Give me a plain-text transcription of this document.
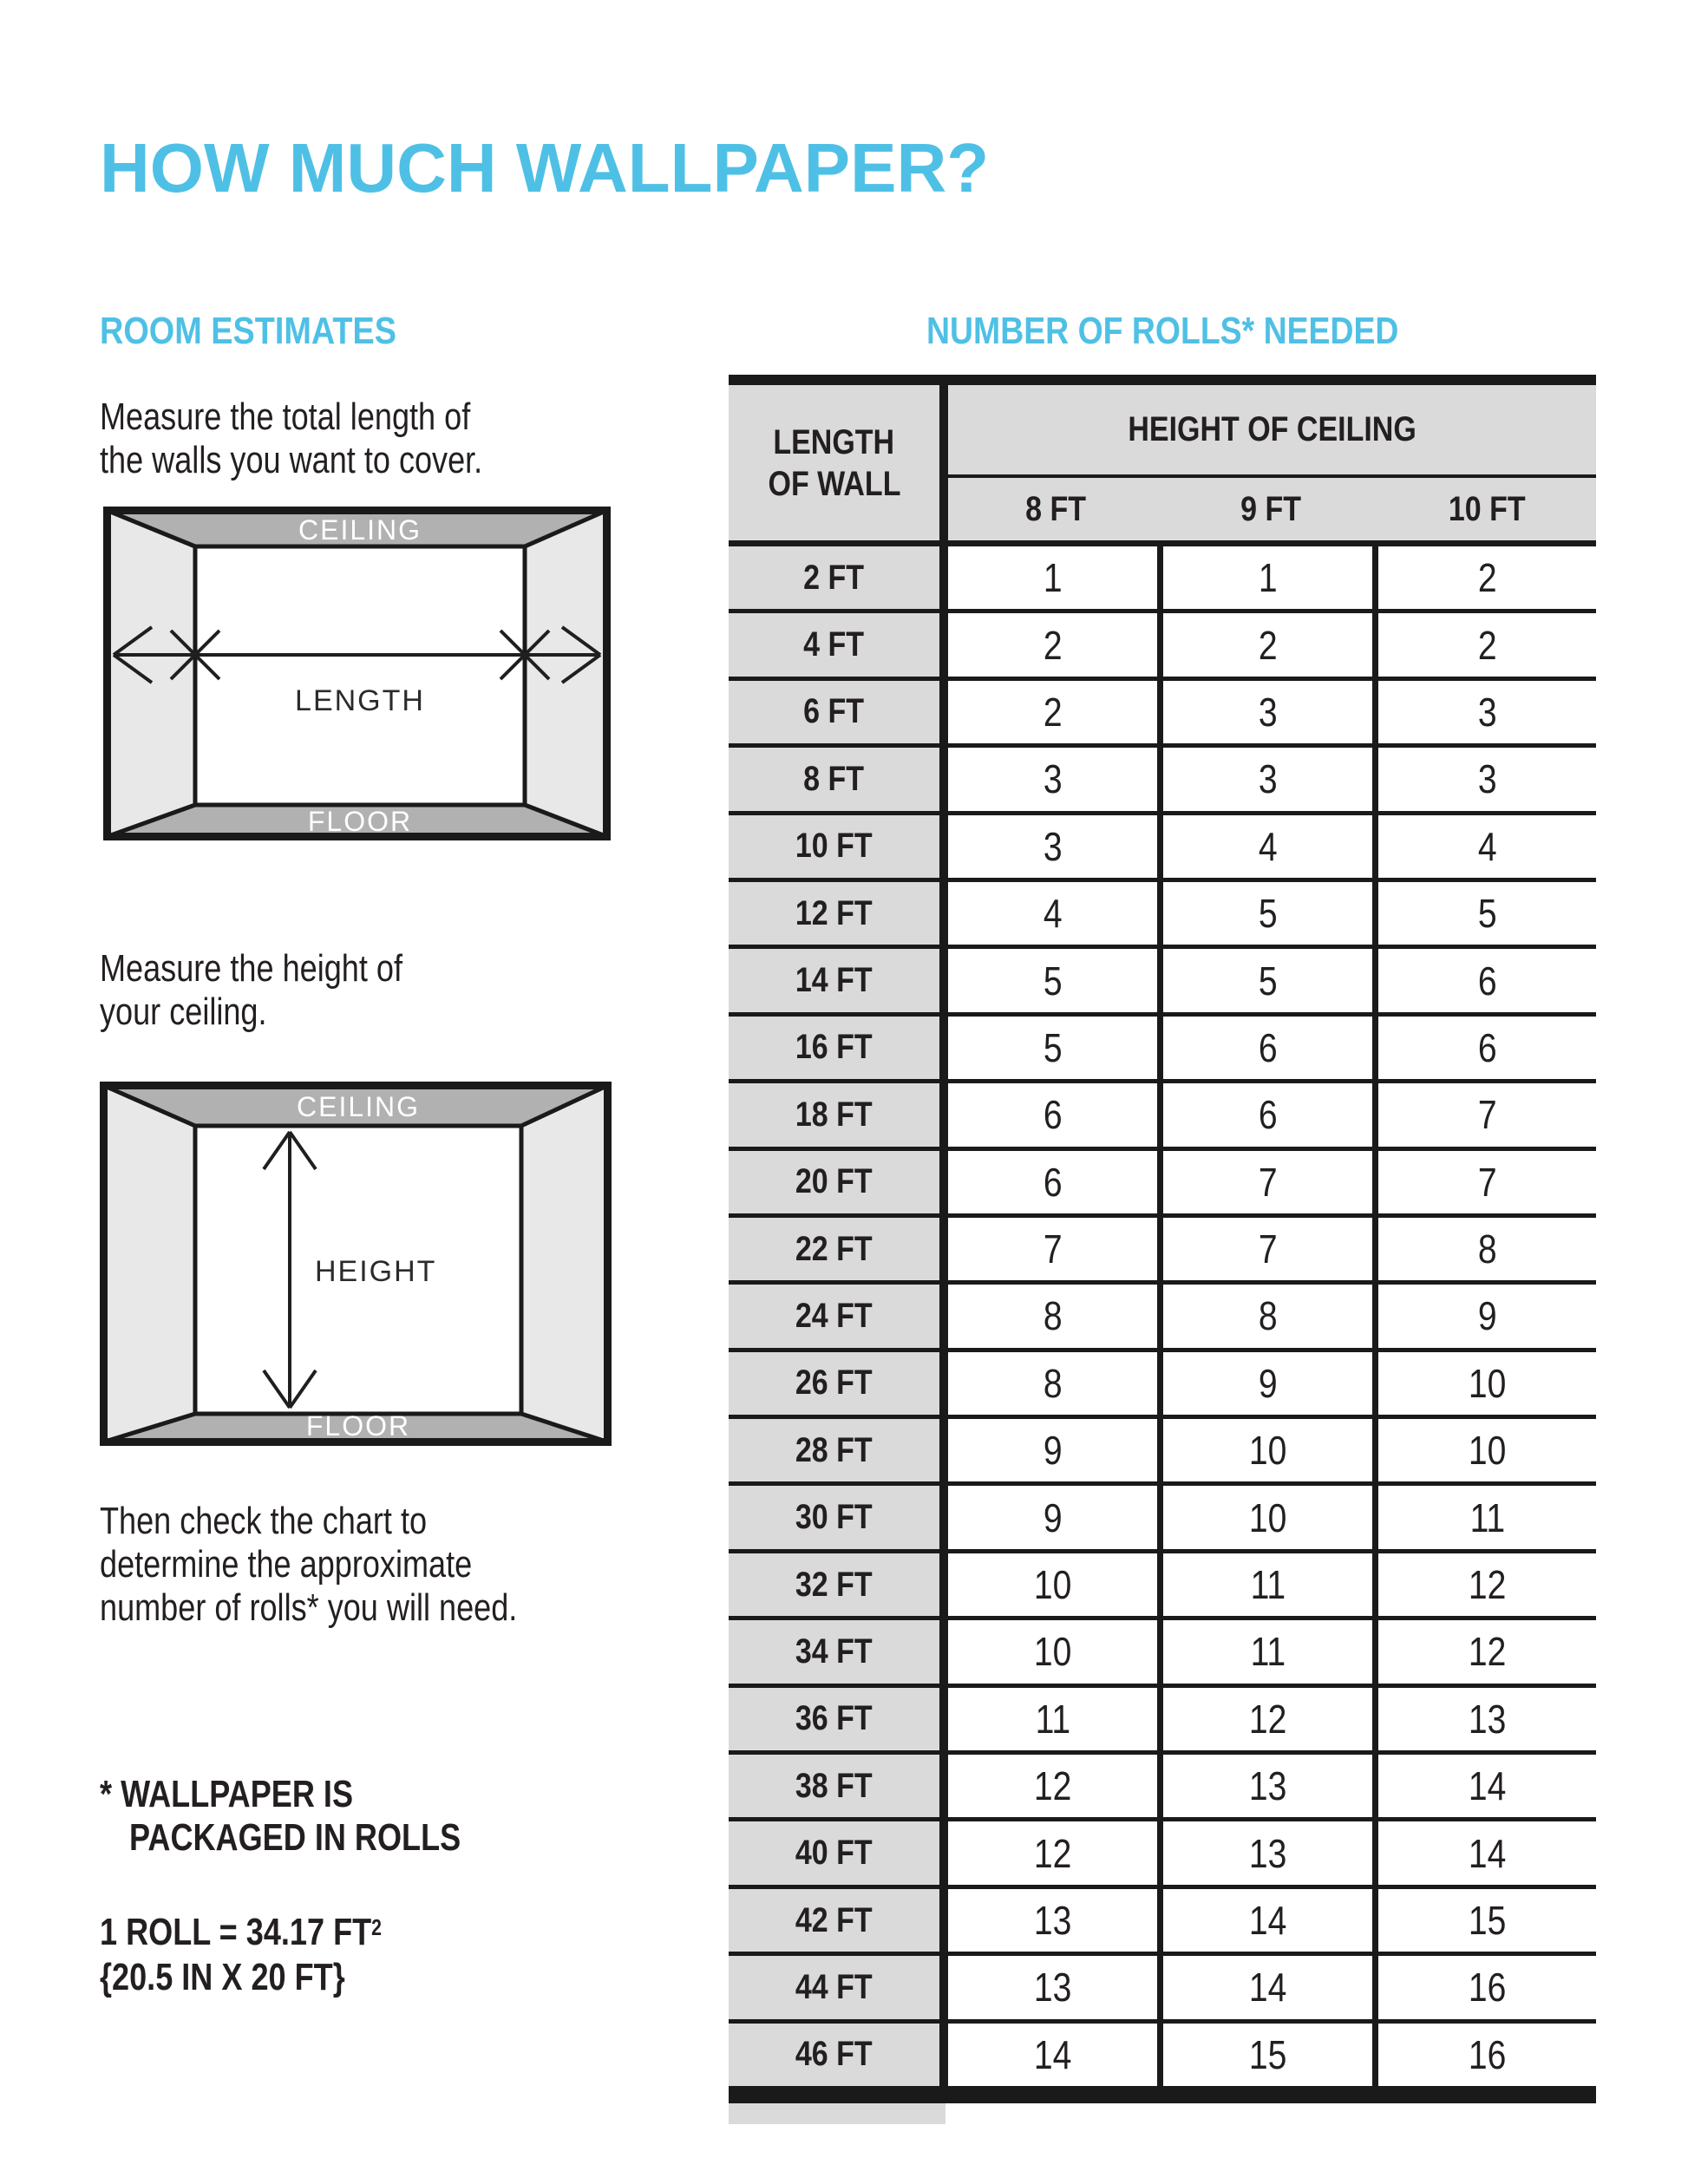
HOW MUCH WALLPAPER?
ROOM ESTIMATES
Measure the total length of
the walls you want to cover.
CEILING
FLOOR
LENGTH
Measure the height of
your ceiling.
CEILING
FLOOR
HEIGHT
Then check the chart to
determine the approximate
number of rolls* you will need.
* WALLPAPER IS
PACKAGED IN ROLLS
1 ROLL = 34.17 $FT^2$
{20.5 IN X 20 FT}
NUMBER OF ROLLS* NEEDED
LENGTH
OF WALL
HEIGHT OF CEILING
8 FT	9 FT	10 FT
2 FT	1	1	2
4 FT	2	2	2
6 FT	2	3	3
8 FT	3	3	3
10 FT	3	4	4
12 FT	4	5	5
14 FT	5	5	6
16 FT	5	6	6
18 FT	6	6	7
20 FT	6	7	7
22 FT	7	7	8
24 FT	8	8	9
26 FT	8	9	10
28 FT	9	10	10
30 FT	9	10	11
32 FT	10	11	12
34 FT	10	11	12
36 FT	11	12	13
38 FT	12	13	14
40 FT	12	13	14
42 FT	13	14	15
44 FT	13	14	16
46 FT	14	15	16
